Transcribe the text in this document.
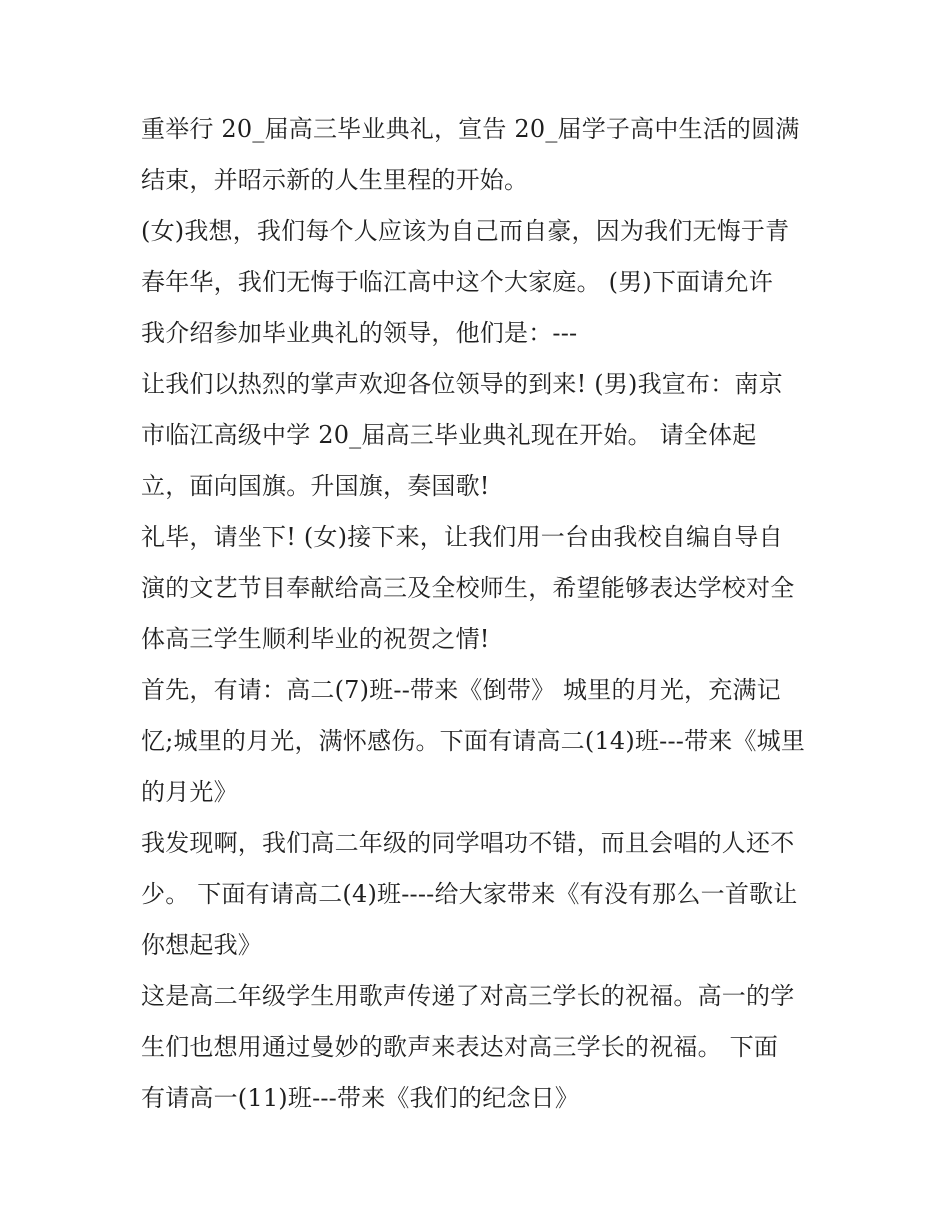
重举行 20_届高三毕业典礼，宣告 20_届学子高中生活的圆满
结束，并昭示新的人生里程的开始。
(女)我想，我们每个人应该为自己而自豪，因为我们无悔于青
春年华，我们无悔于临江高中这个大家庭。 (男)下面请允许
我介绍参加毕业典礼的领导，他们是：---
让我们以热烈的掌声欢迎各位领导的到来! (男)我宣布：南京
市临江高级中学 20_届高三毕业典礼现在开始。 请全体起
立，面向国旗。升国旗，奏国歌!
礼毕，请坐下! (女)接下来，让我们用一台由我校自编自导自
演的文艺节目奉献给高三及全校师生，希望能够表达学校对全
体高三学生顺利毕业的祝贺之情!
首先，有请：高二(7)班--带来《倒带》 城里的月光，充满记
忆;城里的月光，满怀感伤。下面有请高二(14)班---带来《城里
的月光》
我发现啊，我们高二年级的同学唱功不错，而且会唱的人还不
少。 下面有请高二(4)班----给大家带来《有没有那么一首歌让
你想起我》
这是高二年级学生用歌声传递了对高三学长的祝福。高一的学
生们也想用通过曼妙的歌声来表达对高三学长的祝福。 下面
有请高一(11)班---带来《我们的纪念日》
